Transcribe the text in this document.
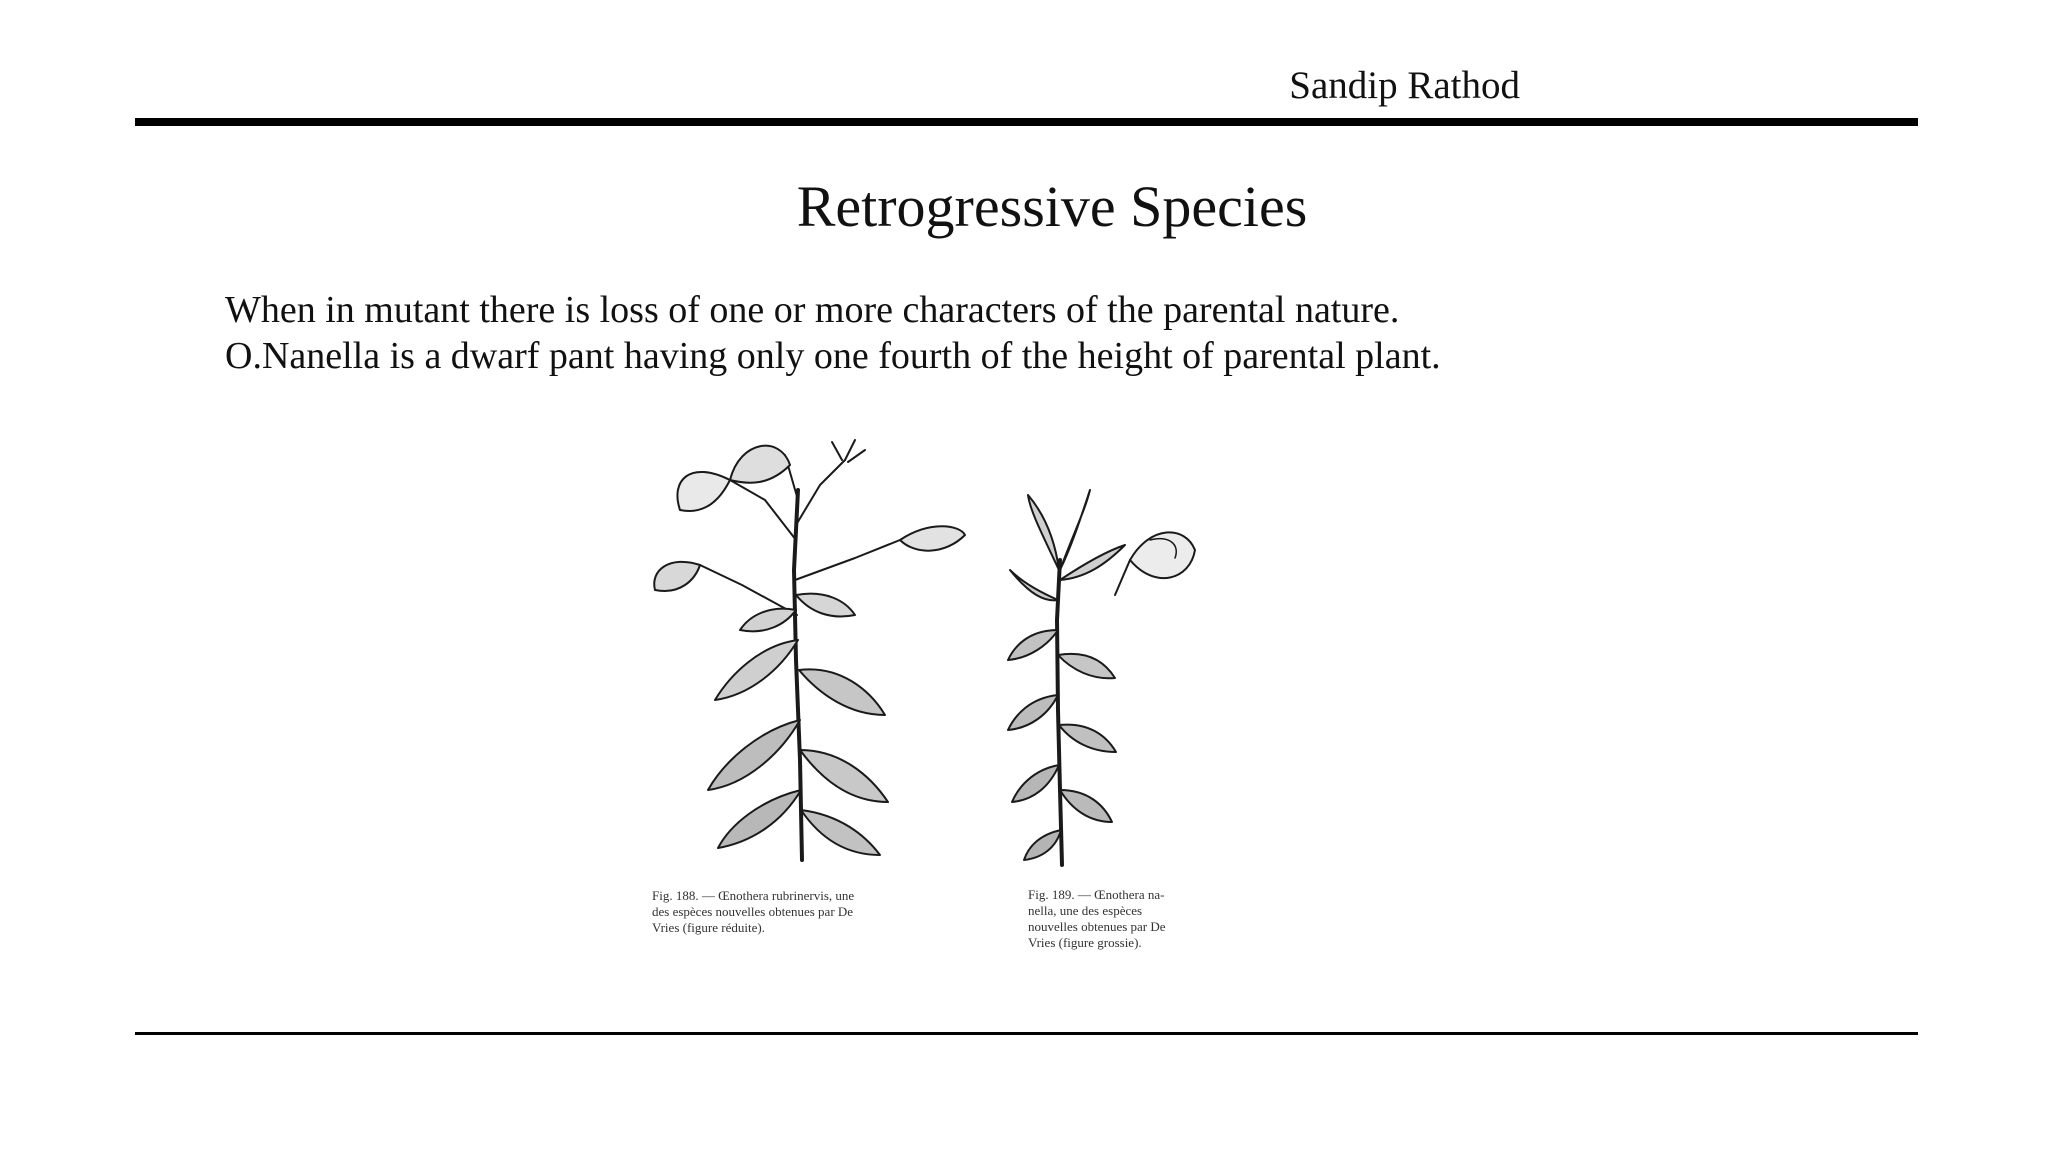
Sandip Rathod
Retrogressive Species
When in mutant there is loss of one or more characters of the parental nature.
O.Nanella is a dwarf pant having only one fourth of the height of parental plant.
Fig. 188. — Œnothera rubrinervis, une
des espèces nouvelles obtenues par De
Vries (figure réduite).
Fig. 189. — Œnothera na-
nella, une des espèces
nouvelles obtenues par De
Vries (figure grossie).
